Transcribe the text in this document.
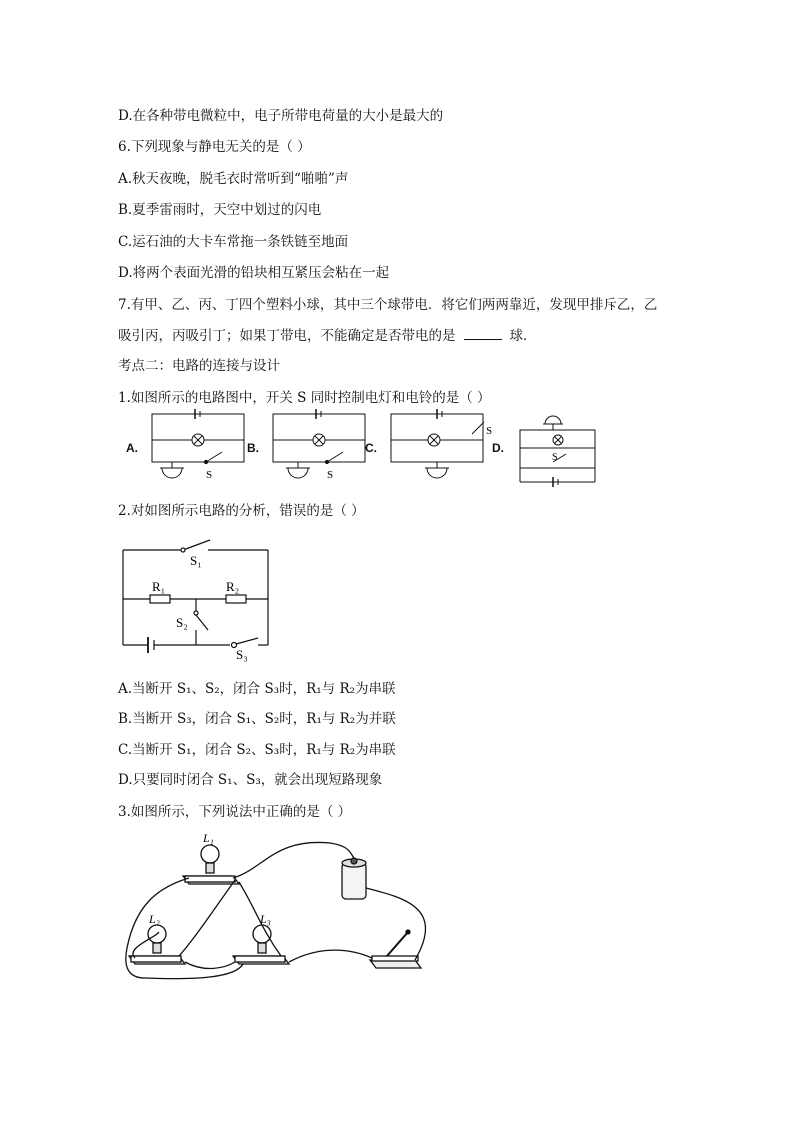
D.在各种带电微粒中，电子所带电荷量的大小是最大的
6.下列现象与静电无关的是（ ）
A.秋天夜晚，脱毛衣时常听到“啪啪”声
B.夏季雷雨时，天空中划过的闪电
C.运石油的大卡车常拖一条铁链至地面
D.将两个表面光滑的铅块相互紧压会粘在一起
7.有甲、乙、丙、丁四个塑料小球，其中三个球带电．将它们两两靠近，发现甲排斥乙，乙
吸引丙，丙吸引丁；如果丁带电，不能确定是否带电的是	球．
考点二：电路的连接与设计
1.如图所示的电路图中，开关 S 同时控制电灯和电铃的是（ ）
A.	B.	C.	D.
S	S
S
S
2.对如图所示电路的分析，错误的是（ ）
S₁
R₁	R₂
S₂
S₃
A.当断开 S₁、S₂，闭合 S₃时，R₁与 R₂为串联
B.当断开 S₃，闭合 S₁、S₂时，R₁与 R₂为并联
C.当断开 S₁，闭合 S₂、S₃时，R₁与 R₂为串联
D.只要同时闭合 S₁、S₃，就会出现短路现象
3.如图所示，下列说法中正确的是（ ）
L₁
L₂	L₃
